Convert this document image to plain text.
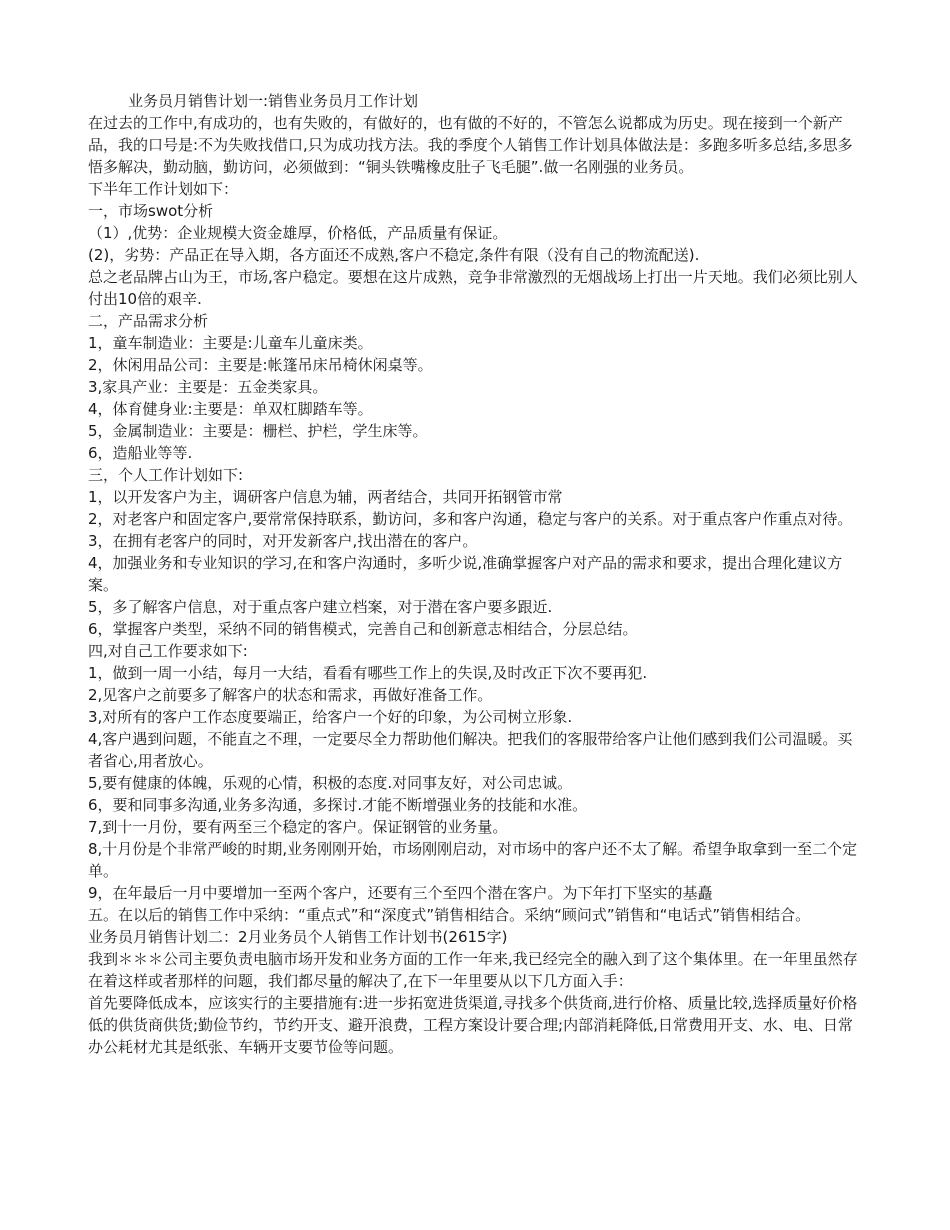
业务员月销售计划一:销售业务员月工作计划

在过去的工作中,有成功的，也有失败的，有做好的，也有做的不好的，不管怎么说都成为历史。现在接到一个新产品，我的口号是:不为失败找借口,只为成功找方法。我的季度个人销售工作计划具体做法是：多跑多听多总结,多思多悟多解决，勤动脑，勤访问，必须做到：“铜头铁嘴橡皮肚子飞毛腿”.做一名刚强的业务员。

下半年工作计划如下：

一，市场swot分析

（1）,优势：企业规模大资金雄厚，价格低，产品质量有保证。

(2)，劣势：产品正在导入期，各方面还不成熟,客户不稳定,条件有限（没有自己的物流配送).

总之老品牌占山为王，市场,客户稳定。要想在这片成熟，竞争非常激烈的无烟战场上打出一片天地。我们必须比别人付出10倍的艰辛.

二，产品需求分析

1，童车制造业：主要是:儿童车儿童床类。

2，休闲用品公司：主要是:帐篷吊床吊椅休闲桌等。

3,家具产业：主要是：五金类家具。

4，体育健身业:主要是：单双杠脚踏车等。

5，金属制造业：主要是：栅栏、护栏，学生床等。

6，造船业等等.

三，个人工作计划如下:

1，以开发客户为主，调研客户信息为辅，两者结合，共同开拓钢管市常

2，对老客户和固定客户,要常常保持联系，勤访问，多和客户沟通，稳定与客户的关系。对于重点客户作重点对待。

3，在拥有老客户的同时，对开发新客户,找出潜在的客户。

4，加强业务和专业知识的学习,在和客户沟通时，多听少说,准确掌握客户对产品的需求和要求，提出合理化建议方案。

5，多了解客户信息，对于重点客户建立档案，对于潜在客户要多跟近.

6，掌握客户类型，采纳不同的销售模式，完善自己和创新意志相结合，分层总结。

四,对自己工作要求如下:

1，做到一周一小结，每月一大结，看看有哪些工作上的失误,及时改正下次不要再犯.

2,见客户之前要多了解客户的状态和需求，再做好准备工作。

3,对所有的客户工作态度要端正，给客户一个好的印象，为公司树立形象.

4,客户遇到问题，不能直之不理，一定要尽全力帮助他们解决。把我们的客服带给客户让他们感到我们公司温暖。买者省心,用者放心。

5,要有健康的体魄，乐观的心情，积极的态度.对同事友好，对公司忠诚。

6，要和同事多沟通,业务多沟通，多探讨.才能不断增强业务的技能和水准。

7,到十一月份，要有两至三个稳定的客户。保证钢管的业务量。

8,十月份是个非常严峻的时期,业务刚刚开始，市场刚刚启动，对市场中的客户还不太了解。希望争取拿到一至二个定单。

9，在年最后一月中要增加一至两个客户，还要有三个至四个潜在客户。为下年打下坚实的基矗

五。在以后的销售工作中采纳：“重点式”和“深度式”销售相结合。采纳“顾问式”销售和“电话式”销售相结合。

业务员月销售计划二：2月业务员个人销售工作计划书(2615字)

我到＊＊＊公司主要负责电脑市场开发和业务方面的工作一年来,我已经完全的融入到了这个集体里。在一年里虽然存在着这样或者那样的问题，我们都尽量的解决了,在下一年里要从以下几方面入手：

首先要降低成本，应该实行的主要措施有:进一步拓宽进货渠道,寻找多个供货商,进行价格、质量比较,选择质量好价格低的供货商供货;勤俭节约，节约开支、避开浪费，工程方案设计要合理;内部消耗降低,日常费用开支、水、电、日常办公耗材尤其是纸张、车辆开支要节俭等问题。
